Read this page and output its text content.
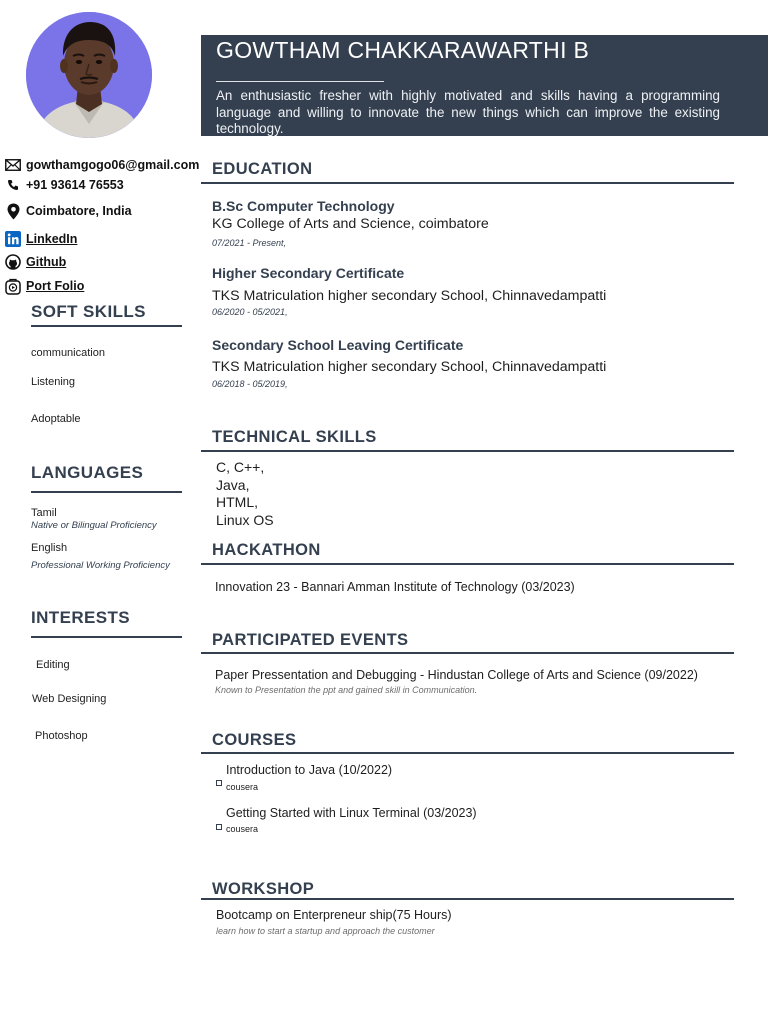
GOWTHAM CHAKKARAWARTHI B
An enthusiastic fresher with highly motivated and skills having a programming language and willing to innovate the new things which can improve the existing technology.
gowthamgogo06@gmail.com
+91 93614 76553
Coimbatore, India
LinkedIn
Github
Port Folio
SOFT SKILLS
communication
Listening
Adoptable
LANGUAGES
Tamil
Native or Bilingual Proficiency
English
Professional Working Proficiency
INTERESTS
Editing
Web Designing
Photoshop
EDUCATION
B.Sc Computer Technology
KG College of Arts and Science, coimbatore
07/2021 - Present,
Higher Secondary Certificate
TKS Matriculation higher secondary School, Chinnavedampatti
06/2020 - 05/2021,
Secondary School Leaving Certificate
TKS Matriculation higher secondary School, Chinnavedampatti
06/2018 - 05/2019,
TECHNICAL SKILLS
C, C++,
Java,
HTML,
Linux OS
HACKATHON
Innovation 23 - Bannari Amman Institute of Technology (03/2023)
PARTICIPATED EVENTS
Paper Pressentation and Debugging - Hindustan College of Arts and Science (09/2022)
Known to Presentation the ppt and gained skill in Communication.
COURSES
Introduction to Java (10/2022)
cousera
Getting Started with Linux Terminal (03/2023)
cousera
WORKSHOP
Bootcamp on Enterpreneur ship(75 Hours)
learn how to start a startup and approach the customer
